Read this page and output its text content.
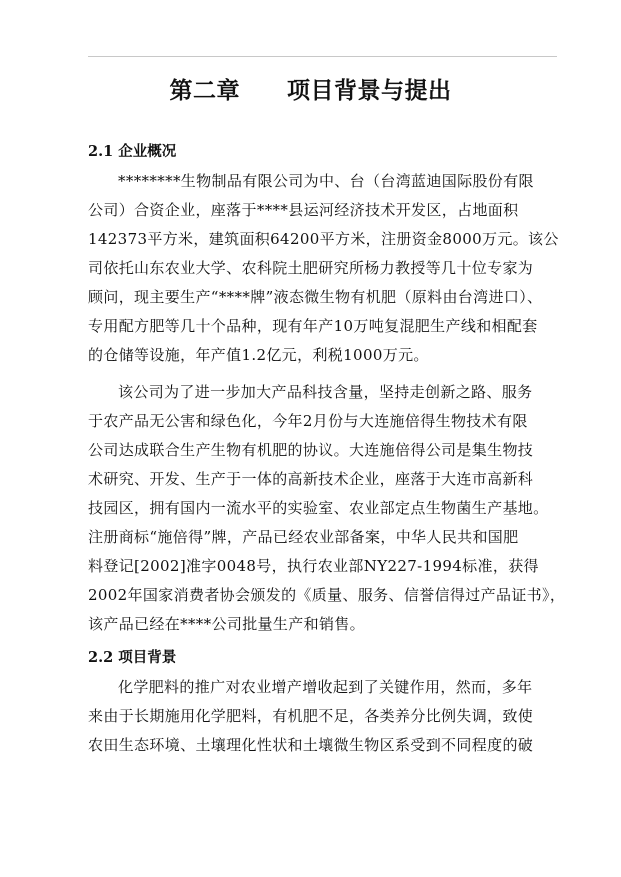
第二章　　项目背景与提出
2.1 企业概况
********生物制品有限公司为中、台（台湾蓝迪国际股份有限
公司）合资企业，座落于****县运河经济技术开发区，占地面积
142373平方米，建筑面积64200平方米，注册资金8000万元。该公
司依托山东农业大学、农科院土肥研究所杨力教授等几十位专家为
顾问，现主要生产“****牌”液态微生物有机肥（原料由台湾进口）、
专用配方肥等几十个品种，现有年产10万吨复混肥生产线和相配套
的仓储等设施，年产值1.2亿元，利税1000万元。
该公司为了进一步加大产品科技含量，坚持走创新之路、服务
于农产品无公害和绿色化，今年2月份与大连施倍得生物技术有限
公司达成联合生产生物有机肥的协议。大连施倍得公司是集生物技
术研究、开发、生产于一体的高新技术企业，座落于大连市高新科
技园区，拥有国内一流水平的实验室、农业部定点生物菌生产基地。
注册商标“施倍得”牌，产品已经农业部备案，中华人民共和国肥
料登记[2002]准字0048号，执行农业部NY227-1994标准，获得
2002年国家消费者协会颁发的《质量、服务、信誉信得过产品证书》，
该产品已经在****公司批量生产和销售。
2.2 项目背景
化学肥料的推广对农业增产增收起到了关键作用，然而，多年
来由于长期施用化学肥料，有机肥不足，各类养分比例失调，致使
农田生态环境、土壤理化性状和土壤微生物区系受到不同程度的破
